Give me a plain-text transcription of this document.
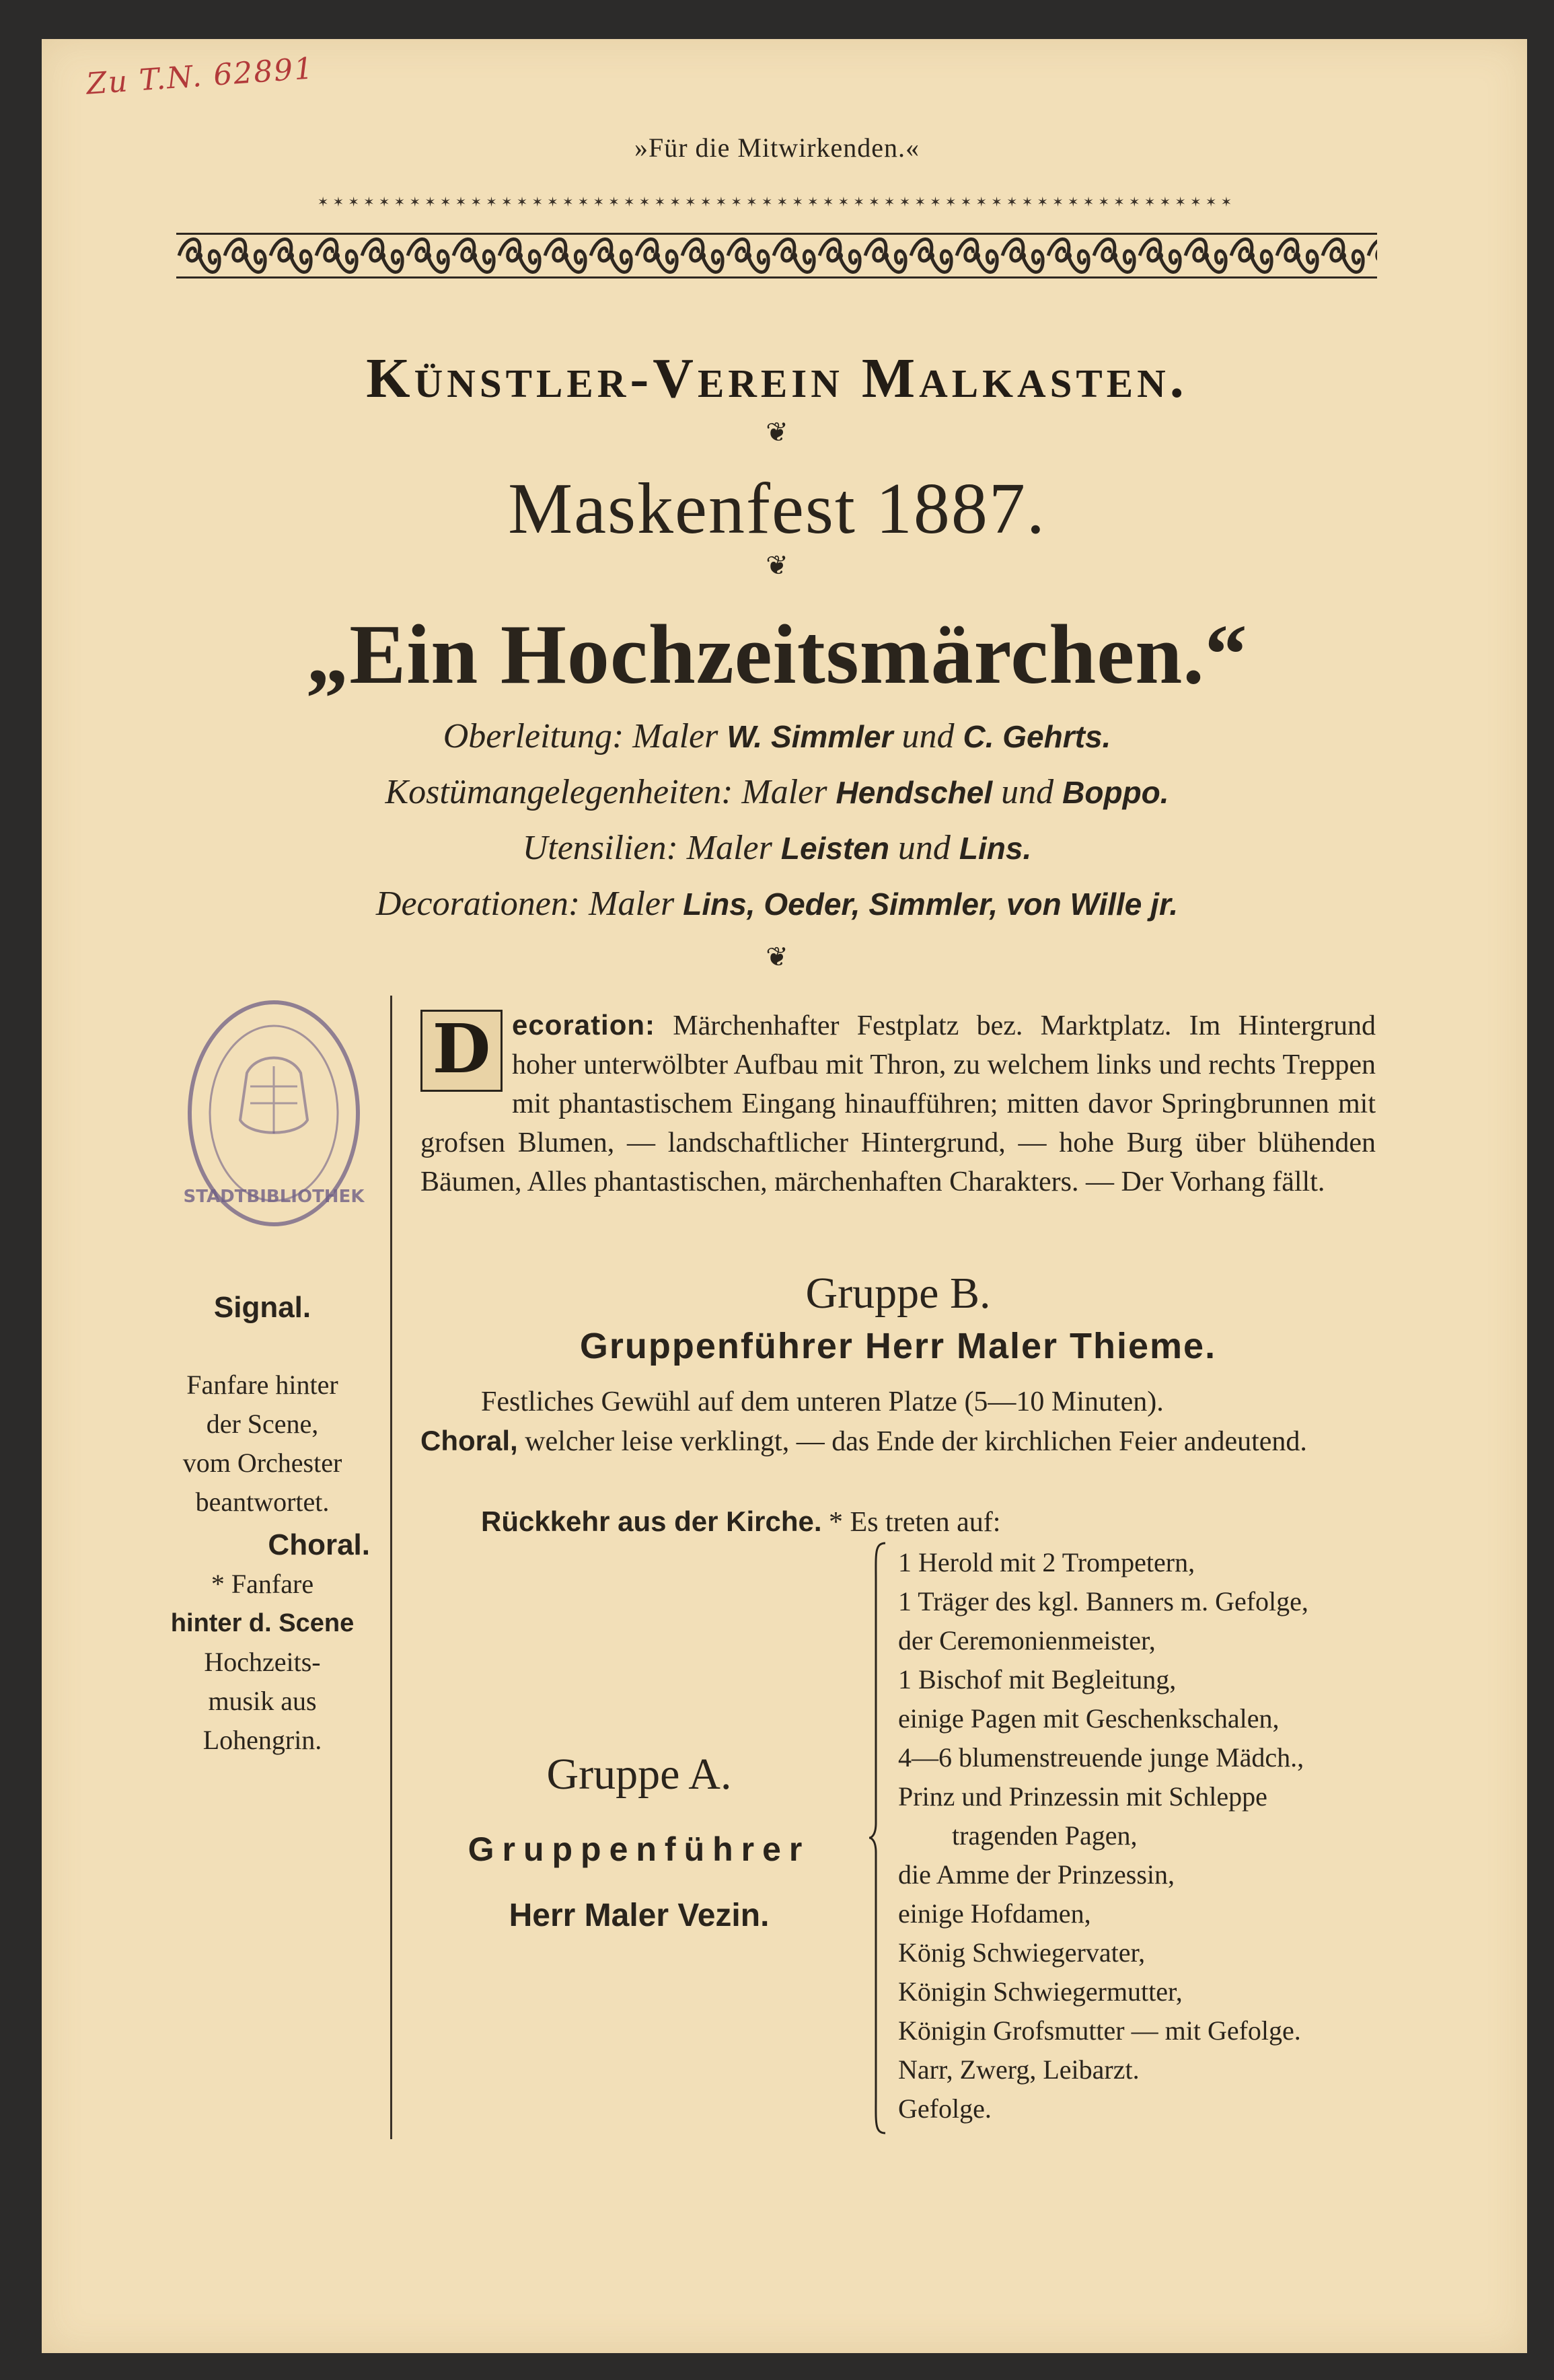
Zu T.N. 62891
»Für die Mitwirkenden.«
✶✶✶✶✶✶✶✶✶✶✶✶✶✶✶✶✶✶✶✶✶✶✶✶✶✶✶✶✶✶✶✶✶✶✶✶✶✶✶✶✶✶✶✶✶✶✶✶✶✶✶✶✶✶✶✶✶✶✶✶
Künstler-Verein Malkasten.
❦
Maskenfest 1887.
❦
„Ein Hochzeitsmärchen.“
Oberleitung: Maler W. Simmler und C. Gehrts.
Kostümangelegenheiten: Maler Hendschel und Boppo.
Utensilien: Maler Leisten und Lins.
Decorationen: Maler Lins, Oeder, Simmler, von Wille jr.
❦
STADTBIBLIOTHEK
Signal.
Fanfare hinter
der Scene,
vom Orchester
beantwortet.
Choral.
* Fanfare
hinter d. Scene
Hochzeits-
musik aus
Lohengrin.
D ecoration: Märchenhafter Festplatz bez. Marktplatz. Im Hintergrund hoher unterwölbter Aufbau mit Thron, zu welchem links und rechts Treppen mit phantastischem Eingang hinaufführen; mitten davor Springbrunnen mit grofsen Blumen, — landschaftlicher Hintergrund, — hohe Burg über blühenden Bäumen, Alles phantastischen, märchenhaften Charakters. — Der Vorhang fällt.
Gruppe B.
Gruppenführer Herr Maler Thieme.
Festliches Gewühl auf dem unteren Platze (5—10 Minuten).
Choral, welcher leise verklingt, — das Ende der kirchlichen Feier andeutend.
Rückkehr aus der Kirche. * Es treten auf:
Gruppe A.
Gruppenführer
Herr Maler Vezin.
1 Herold mit 2 Trompetern,
1 Träger des kgl. Banners m. Gefolge,
der Ceremonienmeister,
1 Bischof mit Begleitung,
einige Pagen mit Geschenkschalen,
4—6 blumenstreuende junge Mädch.,
Prinz und Prinzessin mit Schleppe
tragenden Pagen,
die Amme der Prinzessin,
einige Hofdamen,
König Schwiegervater,
Königin Schwiegermutter,
Königin Grofsmutter — mit Gefolge.
Narr, Zwerg, Leibarzt.
Gefolge.
